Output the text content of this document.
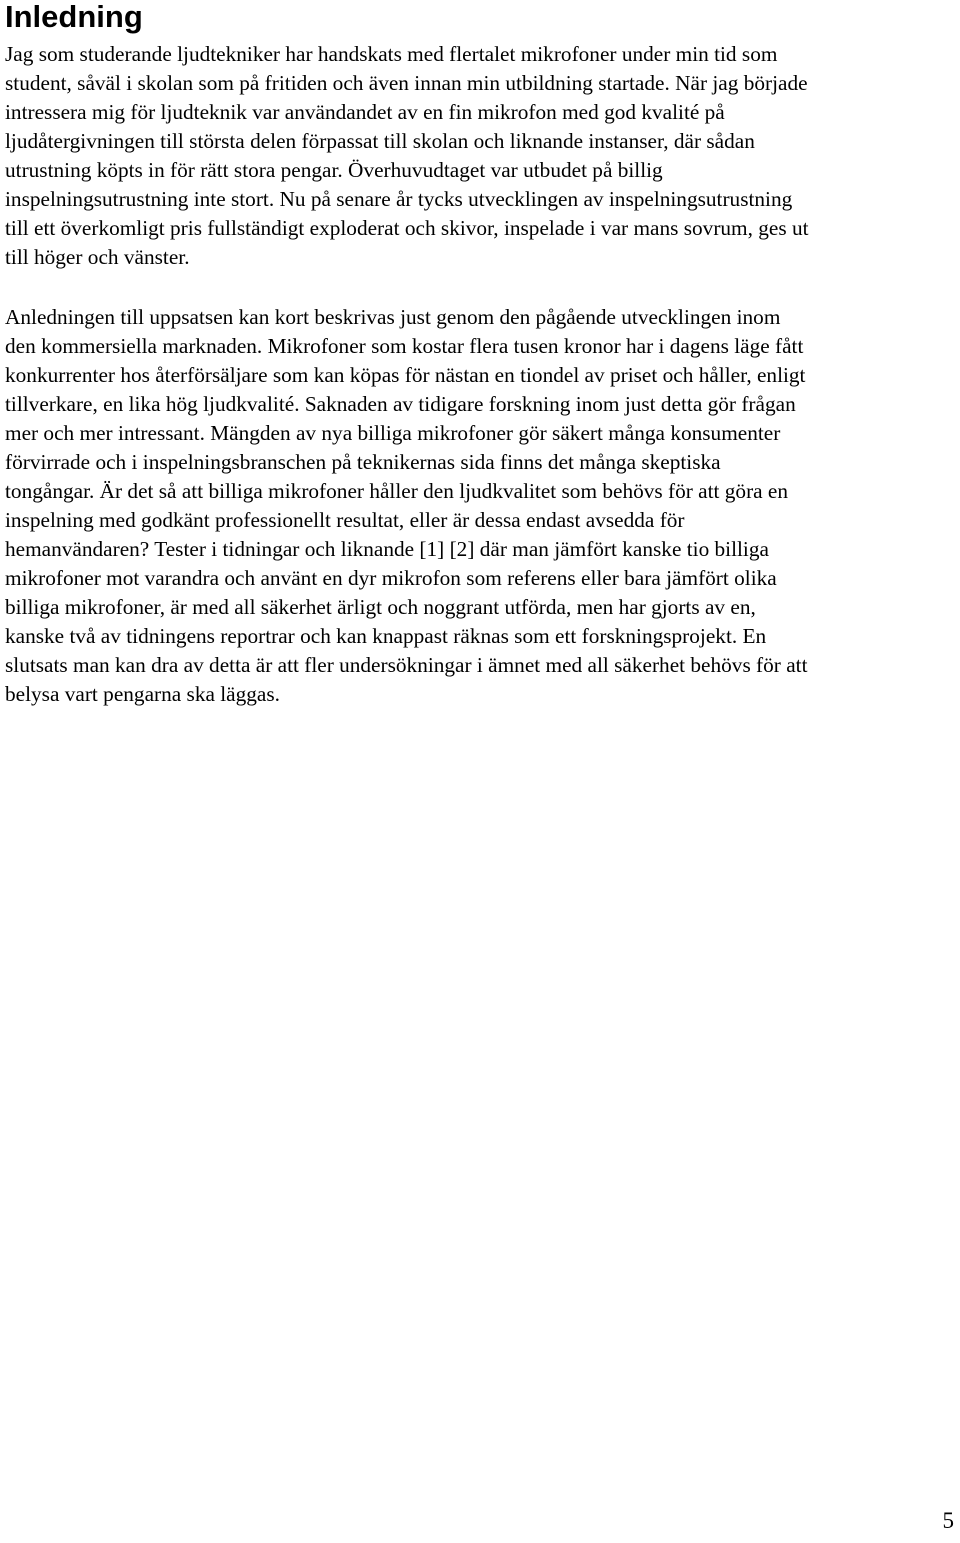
Inledning

Jag som studerande ljudtekniker har handskats med flertalet mikrofoner under min tid som
student, såväl i skolan som på fritiden och även innan min utbildning startade. När jag började
intressera mig för ljudteknik var användandet av en fin mikrofon med god kvalité på
ljudåtergivningen till största delen förpassat till skolan och liknande instanser, där sådan
utrustning köpts in för rätt stora pengar. Överhuvudtaget var utbudet på billig
inspelningsutrustning inte stort. Nu på senare år tycks utvecklingen av inspelningsutrustning
till ett överkomligt pris fullständigt exploderat och skivor, inspelade i var mans sovrum, ges ut
till höger och vänster.

Anledningen till uppsatsen kan kort beskrivas just genom den pågående utvecklingen inom
den kommersiella marknaden. Mikrofoner som kostar flera tusen kronor har i dagens läge fått
konkurrenter hos återförsäljare som kan köpas för nästan en tiondel av priset och håller, enligt
tillverkare, en lika hög ljudkvalité. Saknaden av tidigare forskning inom just detta gör frågan
mer och mer intressant. Mängden av nya billiga mikrofoner gör säkert många konsumenter
förvirrade och i inspelningsbranschen på teknikernas sida finns det många skeptiska
tongångar. Är det så att billiga mikrofoner håller den ljudkvalitet som behövs för att göra en
inspelning med godkänt professionellt resultat, eller är dessa endast avsedda för
hemanvändaren? Tester i tidningar och liknande [1] [2] där man jämfört kanske tio billiga
mikrofoner mot varandra och använt en dyr mikrofon som referens eller bara jämfört olika
billiga mikrofoner, är med all säkerhet ärligt och noggrant utförda, men har gjorts av en,
kanske två av tidningens reportrar och kan knappast räknas som ett forskningsprojekt. En
slutsats man kan dra av detta är att fler undersökningar i ämnet med all säkerhet behövs för att
belysa vart pengarna ska läggas.

5
